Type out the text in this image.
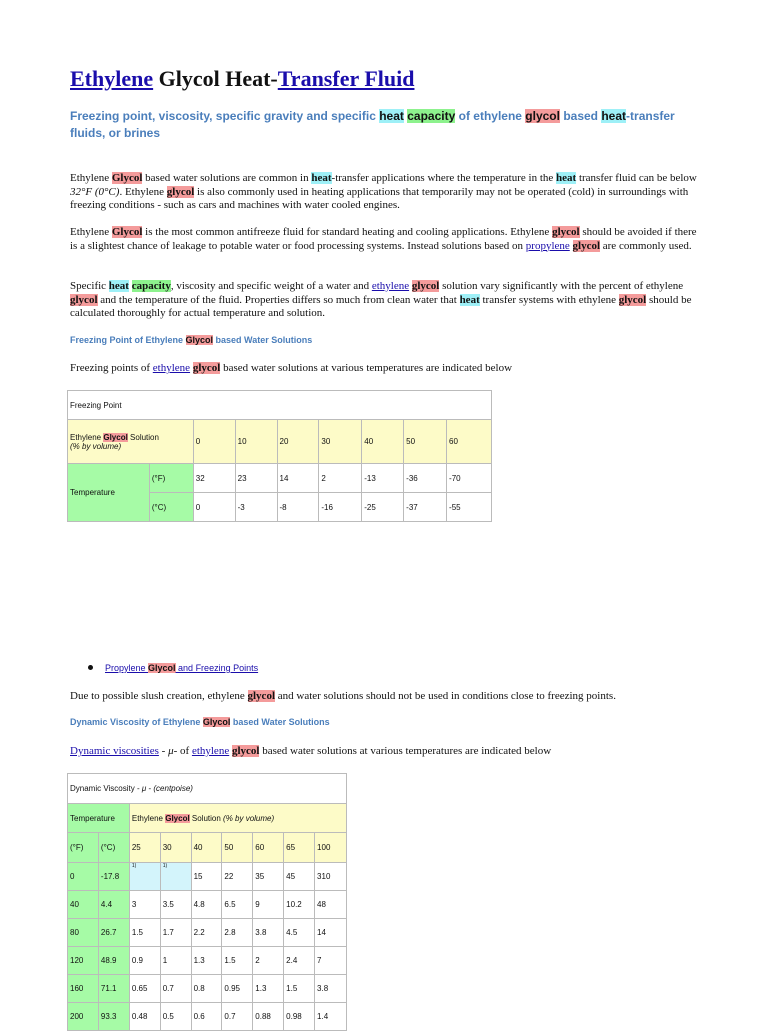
Ethylene Glycol Heat-Transfer Fluid
Freezing point, viscosity, specific gravity and specific heat capacity of ethylene glycol based heat-transfer fluids, or brines
Ethylene Glycol based water solutions are common in heat-transfer applications where the temperature in the heat transfer fluid can be below 32°F (0°C). Ethylene glycol is also commonly used in heating applications that temporarily may not be operated (cold) in surroundings with freezing conditions - such as cars and machines with water cooled engines.
Ethylene Glycol is the most common antifreeze fluid for standard heating and cooling applications. Ethylene glycol should be avoided if there is a slightest chance of leakage to potable water or food processing systems. Instead solutions based on propylene glycol are commonly used.
Specific heat capacity, viscosity and specific weight of a water and ethylene glycol solution vary significantly with the percent of ethylene glycol and the temperature of the fluid. Properties differs so much from clean water that heat transfer systems with ethylene glycol should be calculated thoroughly for actual temperature and solution.
Freezing Point of Ethylene Glycol based Water Solutions
Freezing points of ethylene glycol based water solutions at various temperatures are indicated below
Freezing Point								
Ethylene Glycol Solution
(% by volume)		0	10	20	30	40	50	60
Temperature	(°F)	32	23	14	2	-13	-36	-70
	(°C)	0	-3	-8	-16	-25	-37	-55
Propylene Glycol and Freezing Points
Due to possible slush creation, ethylene glycol and water solutions should not be used in conditions close to freezing points.
Dynamic Viscosity of Ethylene Glycol based Water Solutions
Dynamic viscosities - μ- of ethylene glycol based water solutions at various temperatures are indicated below
Dynamic Viscosity - μ - (centpoise)								
Temperature		Ethylene Glycol Solution (% by volume)						
(°F)	(°C)	25	30	40	50	60	65	100
0	-17.8	$^{1)}$	$^{1)}$	15	22	35	45	310
40	4.4	3	3.5	4.8	6.5	9	10.2	48
80	26.7	1.5	1.7	2.2	2.8	3.8	4.5	14
120	48.9	0.9	1	1.3	1.5	2	2.4	7
160	71.1	0.65	0.7	0.8	0.95	1.3	1.5	3.8
200	93.3	0.48	0.5	0.6	0.7	0.88	0.98	1.4
